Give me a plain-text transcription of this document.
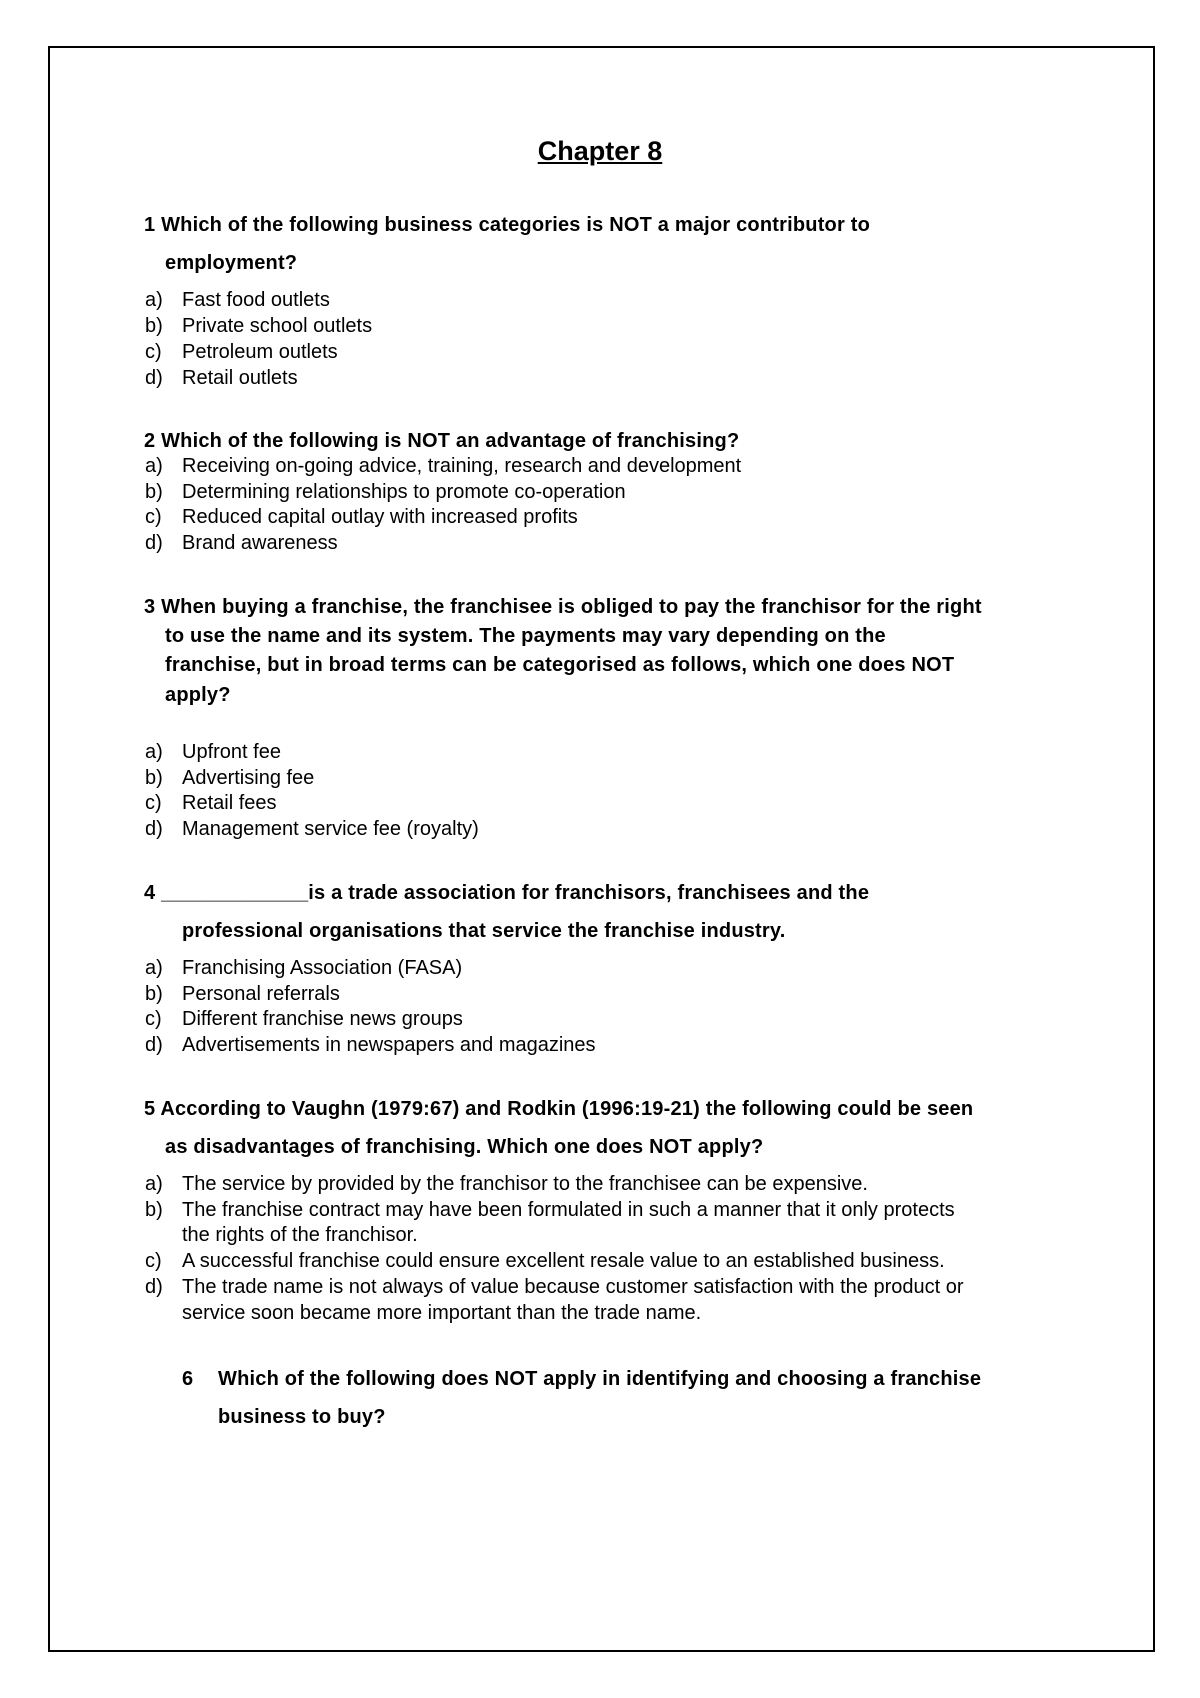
Chapter 8
1 Which of the following business categories is NOT a major contributor to
employment?
a) Fast food outlets
b) Private school outlets
c) Petroleum outlets
d) Retail outlets
2 Which of the following is NOT an advantage of franchising?
a) Receiving on-going advice, training, research and development
b) Determining relationships to promote co-operation
c) Reduced capital outlay with increased profits
d) Brand awareness
3 When buying a franchise, the franchisee is obliged to pay the franchisor for the right
to use the name and its system. The payments may vary depending on the
franchise, but in broad terms can be categorised as follows, which one does NOT
apply?
a) Upfront fee
b) Advertising fee
c) Retail fees
d) Management service fee (royalty)
4 _____________is a trade association for franchisors, franchisees and the
professional organisations that service the franchise industry.
a) Franchising Association (FASA)
b) Personal referrals
c) Different franchise news groups
d) Advertisements in newspapers and magazines
5 According to Vaughn (1979:67) and Rodkin (1996:19-21) the following could be seen
as disadvantages of franchising. Which one does NOT apply?
a) The service by provided by the franchisor to the franchisee can be expensive.
b) The franchise contract may have been formulated in such a manner that it only protects
the rights of the franchisor.
c) A successful franchise could ensure excellent resale value to an established business.
d) The trade name is not always of value because customer satisfaction with the product or
service soon became more important than the trade name.
6 Which of the following does NOT apply in identifying and choosing a franchise
business to buy?
